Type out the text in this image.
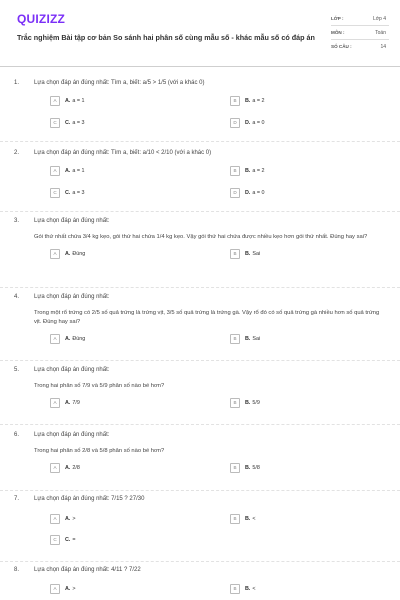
QUIZIZZ
Trắc nghiệm Bài tập cơ bản So sánh hai phân số cùng mẫu số - khác mẫu số có đáp án
LỚP :	Lớp 4
MÔN :	Toán
SỐ CÂU :	14
1.	Lựa chọn đáp án đúng nhất: Tìm a, biết: a/5 > 1/5 (với a khác 0)
A	A. a = 1	B	B. a = 2
C	C. a = 3	D	D. a = 0
2.	Lựa chọn đáp án đúng nhất: Tìm a, biết: a/10 < 2/10 (với a khác 0)
A	A. a = 1	B	B. a = 2
C	C. a = 3	D	D. a = 0
3.	Lựa chọn đáp án đúng nhất:
Gói thứ nhất chứa 3/4 kg kẹo, gói thứ hai chứa 1/4 kg kẹo. Vậy gói thứ hai chứa được nhiều kẹo hơn gói thứ nhất. Đúng hay sai?
A	A. Đúng	B	B. Sai
4.	Lựa chọn đáp án đúng nhất:
Trong một rổ trứng có 2/5 số quả trứng là trứng vịt, 3/5 số quả trứng là trứng gà. Vậy rổ đó có số quả trứng gà nhiều hơn số quả trứng vịt. Đúng hay sai?
A	A. Đúng	B	B. Sai
5.	Lựa chọn đáp án đúng nhất:
Trong hai phân số 7/9 và 5/9 phân số nào bé hơn?
A	A. 7/9	B	B. 5/9
6.	Lựa chọn đáp án đúng nhất:
Trong hai phân số 2/8 và 5/8 phân số nào bé hơn?
A	A. 2/8	B	B. 5/8
7.	Lựa chọn đáp án đúng nhất: 7/15 ? 27/30
A	A. >	B	B. <
C	C. =
8.	Lựa chọn đáp án đúng nhất: 4/11 ? 7/22
A	A. >	B	B. <
